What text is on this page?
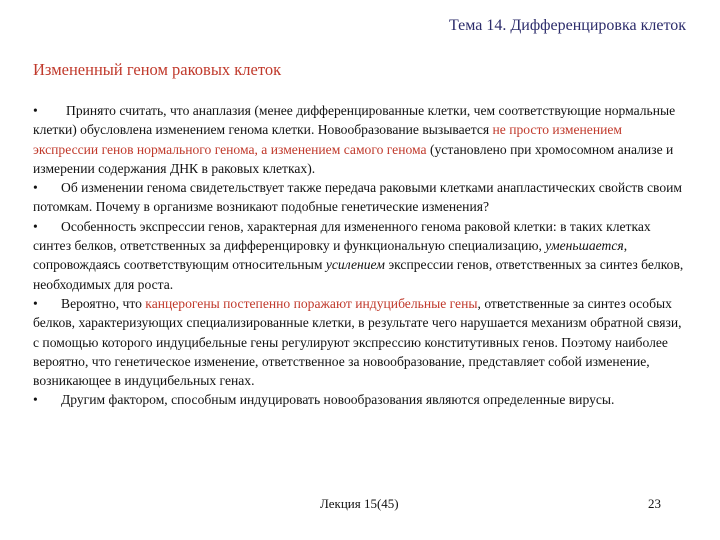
Тема 14. Дифференцировка клеток
Измененный геном раковых клеток

• Принято считать, что анаплазия (менее дифференцированные клетки, чем соответствующие нормальные клетки) обусловлена изменением генома клетки. Новообразование вызывается не просто изменением экспрессии генов нормального генома, а изменением самого генома (установлено при хромосомном анализе и измерении содержания ДНК в раковых клетках).

• Об изменении генома свидетельствует также передача раковыми клетками анапластических свойств своим потомкам. Почему в организме возникают подобные генетические изменения?

• Особенность экспрессии генов, характерная для измененного генома раковой клетки: в таких клетках синтез белков, ответственных за дифференцировку и функциональную специализацию, уменьшается, сопровождаясь соответствующим относительным усилением экспрессии генов, ответственных за синтез белков, необходимых для роста.

• Вероятно, что канцерогены постепенно поражают индуцибельные гены, ответственные за синтез особых белков, характеризующих специализированные клетки, в результате чего нарушается механизм обратной связи, с помощью которого индуцибельные гены регулируют экспрессию конститутивных генов. Поэтому наиболее вероятно, что генетическое изменение, ответственное за новообразование, представляет собой изменение, возникающее в индуцибельных генах.

• Другим фактором, способным индуцировать новообразования являются определенные вирусы.

Лекция 15(45)	23
